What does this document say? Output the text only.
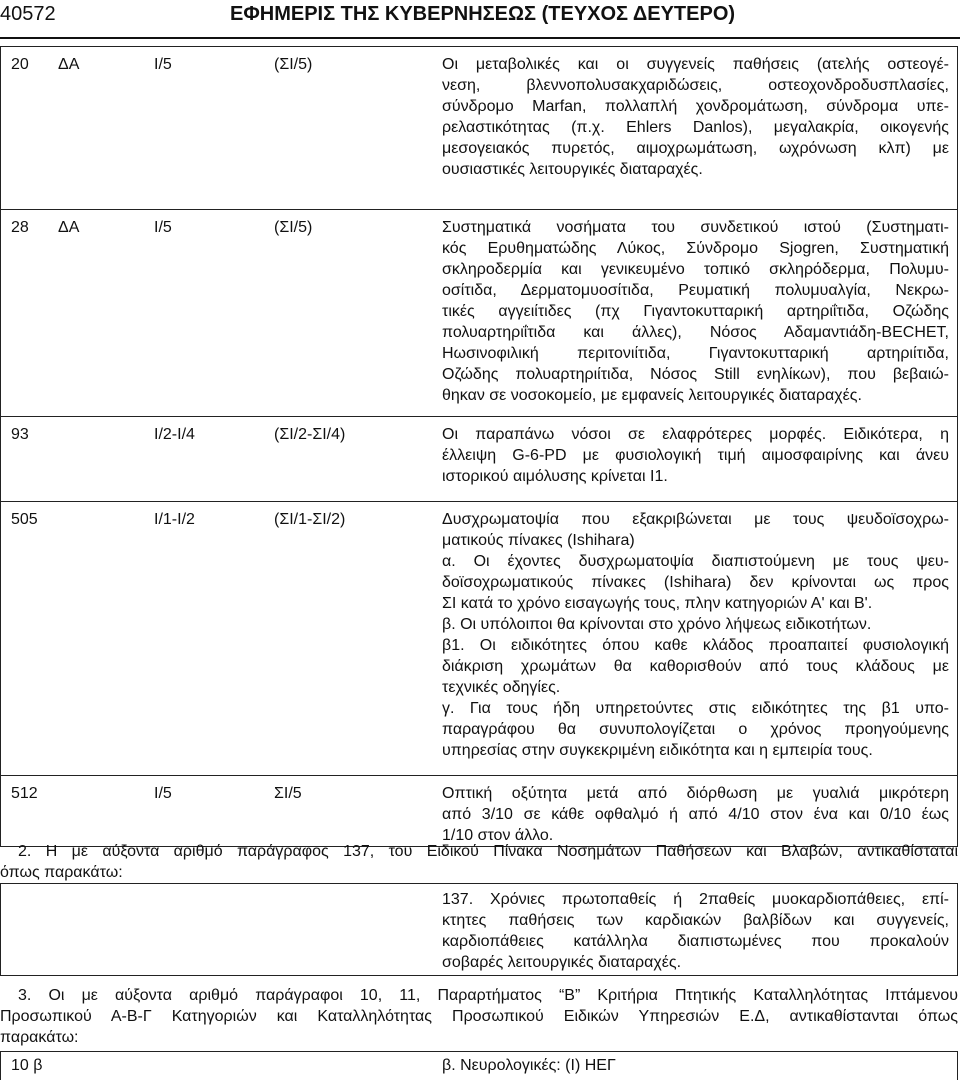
40572	ΕΦΗΜΕΡΙΣ ΤΗΣ ΚΥΒΕΡΝΗΣΕΩΣ (ΤΕΥΧΟΣ ΔΕΥΤΕΡΟ)
20 ΔΑ	Ι/5	(ΣΙ/5)	Οι μεταβολικές και οι συγγενείς παθήσεις (ατελής οστεογέ-
νεση, βλεννοπολυσακχαριδώσεις, οστεοχονδροδυσπλασίες,
σύνδρομο Marfan, πολλαπλή χονδρομάτωση, σύνδρομα υπε-
ρελαστικότητας (π.χ. Ehlers Danlos), μεγαλακρία, οικογενής
μεσογειακός πυρετός, αιμοχρωμάτωση, ωχρόνωση κλπ) με
ουσιαστικές λειτουργικές διαταραχές.
28 ΔΑ	Ι/5	(ΣΙ/5)	Συστηματικά νοσήματα του συνδετικού ιστού (Συστηματι-
κός Ερυθηματώδης Λύκος, Σύνδρομο Sjogren, Συστηματική
σκληροδερμία και γενικευμένο τοπικό σκληρόδερμα, Πολυμυ-
οσίτιδα, Δερματομυοσίτιδα, Ρευματική πολυμυαλγία, Νεκρω-
τικές αγγειίτιδες (πχ Γιγαντοκυτταρική αρτηριΐτιδα, Οζώδης
πολυαρτηριΐτιδα και άλλες), Νόσος Αδαμαντιάδη-BECHET,
Ηωσινοφιλική περιτονιίτιδα, Γιγαντοκυτταρική αρτηριίτιδα,
Οζώδης πολυαρτηριίτιδα, Νόσος Still ενηλίκων), που βεβαιώ-
θηκαν σε νοσοκομείο, με εμφανείς λειτουργικές διαταραχές.
93	Ι/2-Ι/4	(ΣΙ/2-ΣΙ/4)	Οι παραπάνω νόσοι σε ελαφρότερες μορφές. Ειδικότερα, η
έλλειψη G-6-PD με φυσιολογική τιμή αιμοσφαιρίνης και άνευ
ιστορικού αιμόλυσης κρίνεται Ι1.
505	Ι/1-Ι/2	(ΣΙ/1-ΣΙ/2)	Δυσχρωματοψία που εξακριβώνεται με τους ψευδοϊσοχρω-
ματικούς πίνακες (Ishihara)
α. Οι έχοντες δυσχρωματοψία διαπιστούμενη με τους ψευ-
δοϊσοχρωματικούς πίνακες (Ishihara) δεν κρίνονται ως προς
ΣΙ κατά το χρόνο εισαγωγής τους, πλην κατηγοριών Α' και Β'.
β. Οι υπόλοιποι θα κρίνονται στο χρόνο λήψεως ειδικοτήτων.
β1. Οι ειδικότητες όπου καθε κλάδος προαπαιτεί φυσιολογική
διάκριση χρωμάτων θα καθορισθούν από τους κλάδους με
τεχνικές οδηγίες.
γ. Για τους ήδη υπηρετούντες στις ειδικότητες της β1 υπο-
παραγράφου θα συνυπολογίζεται ο χρόνος προηγούμενης
υπηρεσίας στην συγκεκριμένη ειδικότητα και η εμπειρία τους.
512	Ι/5	ΣΙ/5	Οπτική οξύτητα μετά από διόρθωση με γυαλιά μικρότερη
από 3/10 σε κάθε οφθαλμό ή από 4/10 στον ένα και 0/10 έως
1/10 στον άλλο.
2. Η με αύξοντα αριθμό παράγραφος 137, του Ειδικού Πίνακα Νοσημάτων Παθήσεων και Βλαβών, αντικαθίσταται
όπως παρακάτω:
137. Χρόνιες πρωτοπαθείς ή 2παθείς μυοκαρδιοπάθειες, επί-
κτητες παθήσεις των καρδιακών βαλβίδων και συγγενείς,
καρδιοπάθειες κατάλληλα διαπιστωμένες που προκαλούν
σοβαρές λειτουργικές διαταραχές.
3. Οι με αύξοντα αριθμό παράγραφοι 10, 11, Παραρτήματος “Β” Κριτήρια Πτητικής Καταλληλότητας Ιπτάμενου
Προσωπικού Α-Β-Γ Κατηγοριών και Καταλληλότητας Προσωπικού Ειδικών Υπηρεσιών Ε.Δ, αντικαθίστανται όπως
παρακάτω:
10 β	β. Νευρολογικές: (Ι) ΗΕΓ
